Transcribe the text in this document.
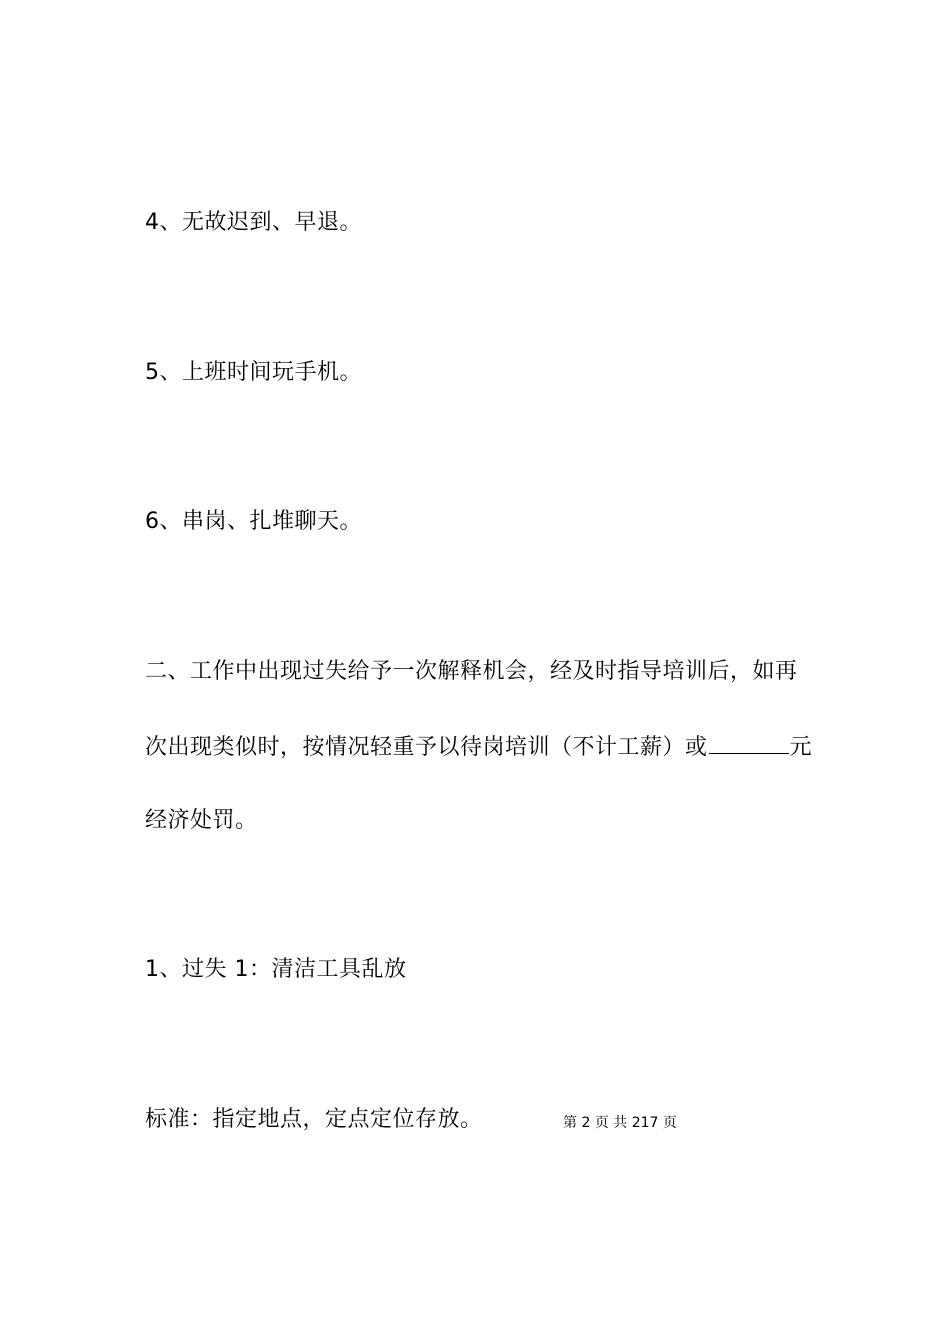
4、无故迟到、早退。
5、上班时间玩手机。
6、串岗、扎堆聊天。
二、工作中出现过失给予一次解释机会，经及时指导培训后，如再
次出现类似时，按情况轻重予以待岗培训（不计工薪）或	元
经济处罚。
1、过失 1：清洁工具乱放
标准：指定地点，定点定位存放。	第 2 页 共 217 页
